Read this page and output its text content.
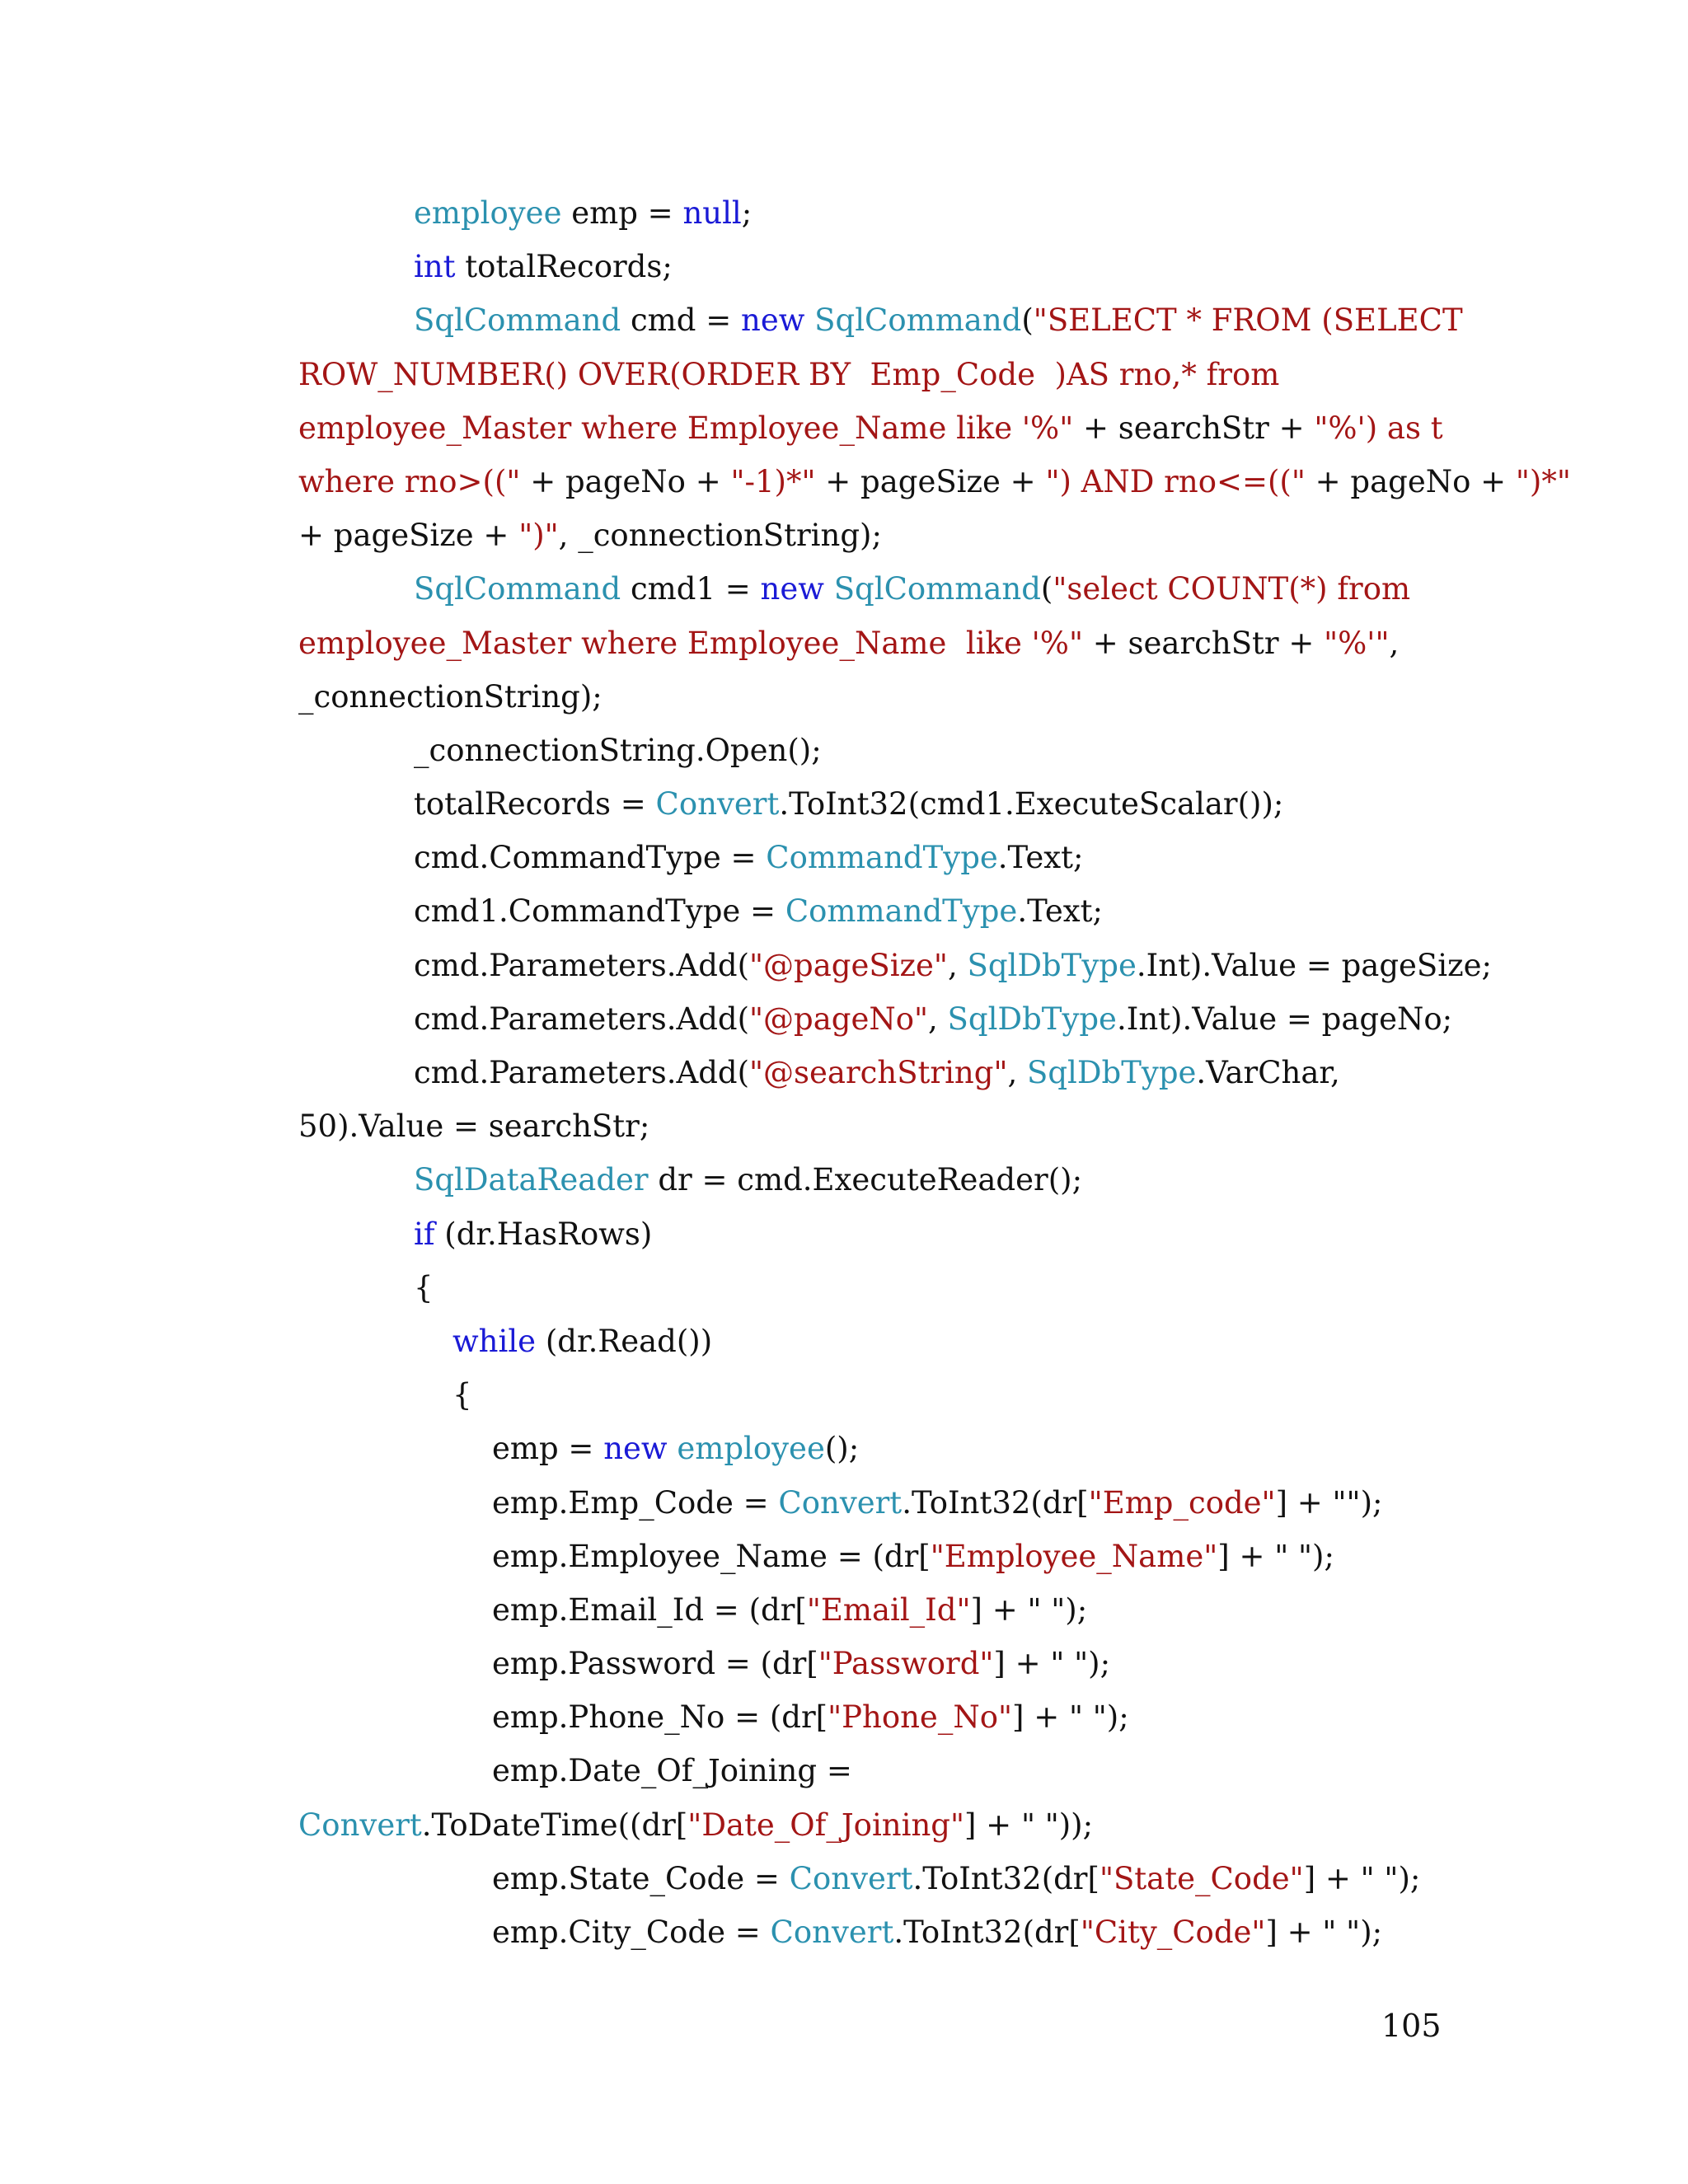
employee emp = null;
int totalRecords;
SqlCommand cmd = new SqlCommand("SELECT * FROM (SELECT
ROW_NUMBER() OVER(ORDER BY  Emp_Code  )AS rno,* from
employee_Master where Employee_Name like '%" + searchStr + "%') as t
where rno>((" + pageNo + "-1)*" + pageSize + ") AND rno<=((" + pageNo + ")*"
+ pageSize + ")", _connectionString);
SqlCommand cmd1 = new SqlCommand("select COUNT(*) from
employee_Master where Employee_Name  like '%" + searchStr + "%'",
_connectionString);
_connectionString.Open();
totalRecords = Convert.ToInt32(cmd1.ExecuteScalar());
cmd.CommandType = CommandType.Text;
cmd1.CommandType = CommandType.Text;
cmd.Parameters.Add("@pageSize", SqlDbType.Int).Value = pageSize;
cmd.Parameters.Add("@pageNo", SqlDbType.Int).Value = pageNo;
cmd.Parameters.Add("@searchString", SqlDbType.VarChar,
50).Value = searchStr;
SqlDataReader dr = cmd.ExecuteReader();
if (dr.HasRows)
{
while (dr.Read())
{
emp = new employee();
emp.Emp_Code = Convert.ToInt32(dr["Emp_code"] + "");
emp.Employee_Name = (dr["Employee_Name"] + " ");
emp.Email_Id = (dr["Email_Id"] + " ");
emp.Password = (dr["Password"] + " ");
emp.Phone_No = (dr["Phone_No"] + " ");
emp.Date_Of_Joining =
Convert.ToDateTime((dr["Date_Of_Joining"] + " "));
emp.State_Code = Convert.ToInt32(dr["State_Code"] + " ");
emp.City_Code = Convert.ToInt32(dr["City_Code"] + " ");
105
